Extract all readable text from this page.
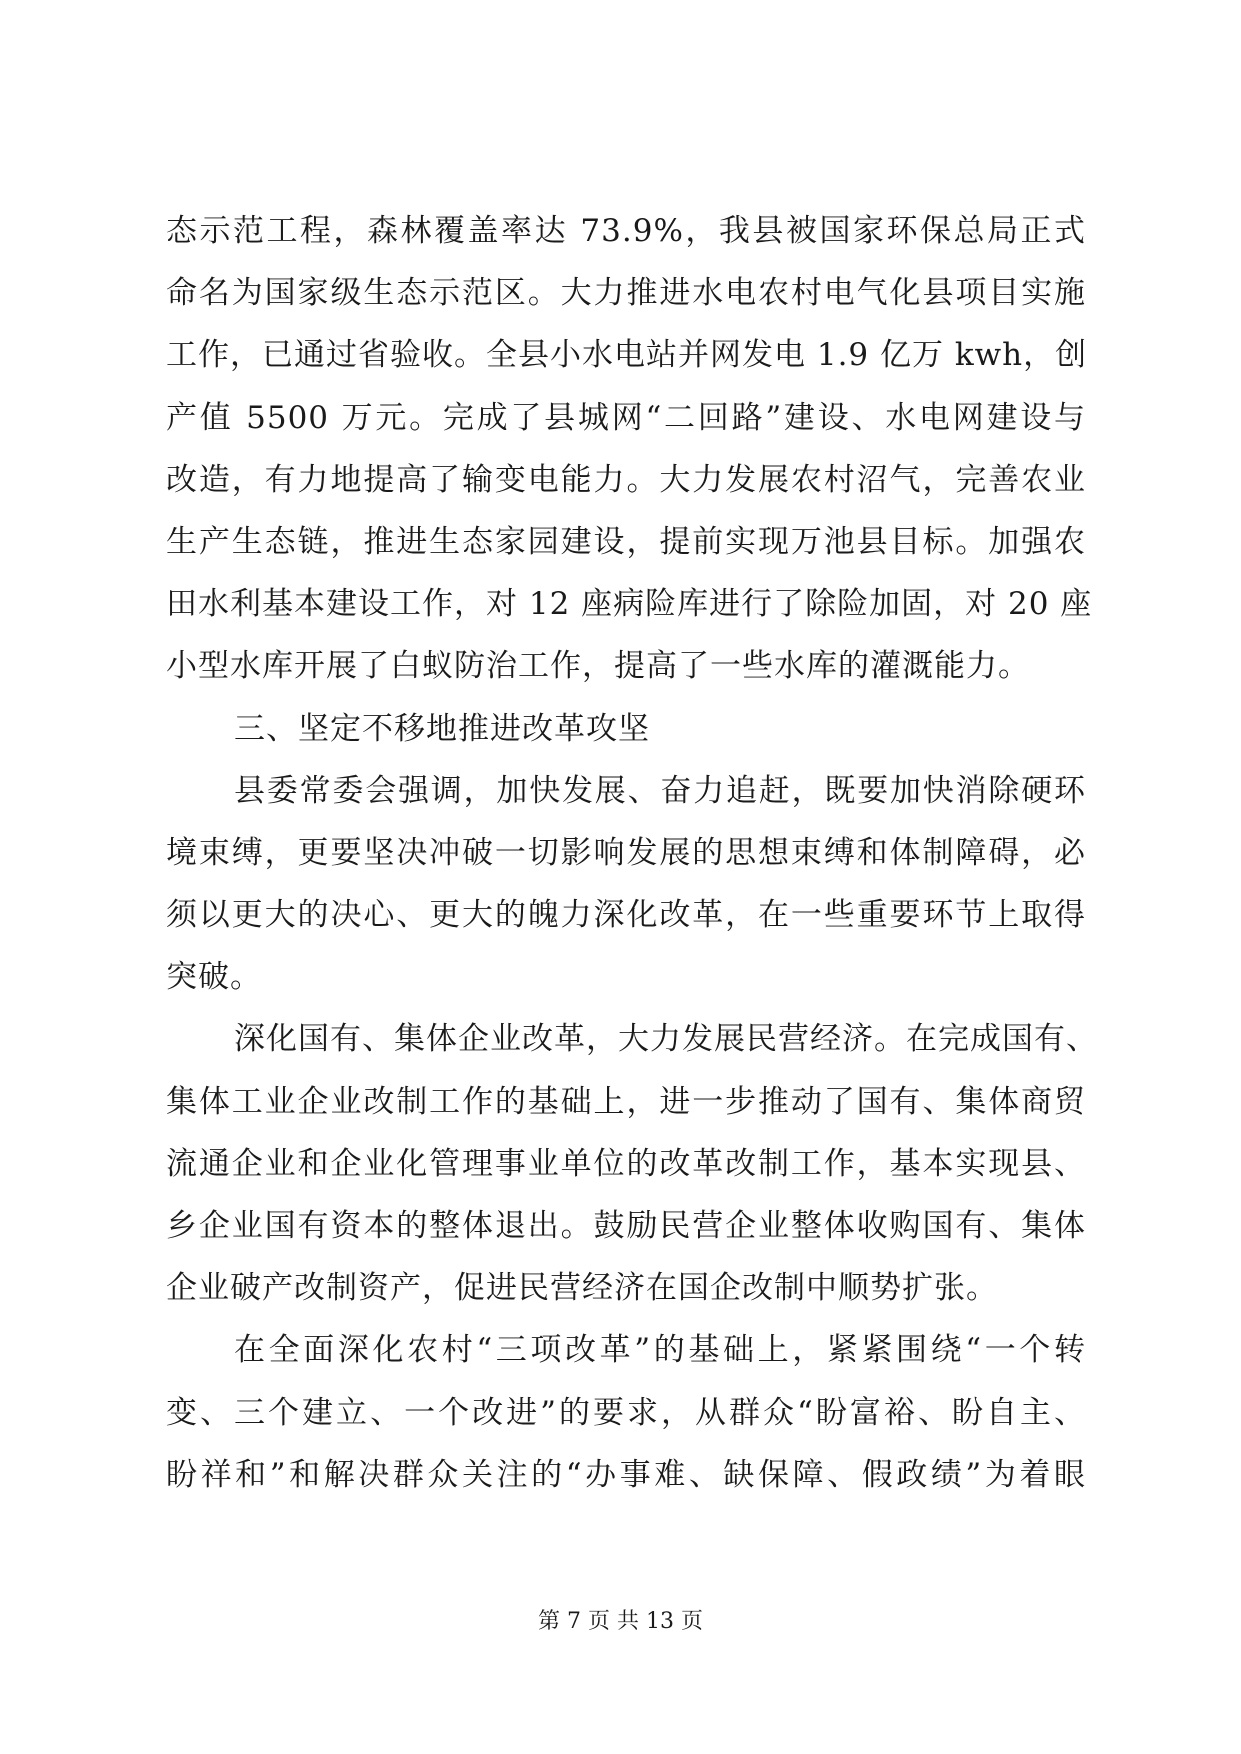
态示范工程，森林覆盖率达 73.9%，我县被国家环保总局正式
命名为国家级生态示范区。大力推进水电农村电气化县项目实施
工作，已通过省验收。全县小水电站并网发电 1.9 亿万 kwh，创
产值 5500 万元。完成了县城网“二回路”建设、水电网建设与
改造，有力地提高了输变电能力。大力发展农村沼气，完善农业
生产生态链，推进生态家园建设，提前实现万池县目标。加强农
田水利基本建设工作，对 12 座病险库进行了除险加固，对 20 座
小型水库开展了白蚁防治工作，提高了一些水库的灌溉能力。
三、坚定不移地推进改革攻坚
县委常委会强调，加快发展、奋力追赶，既要加快消除硬环
境束缚，更要坚决冲破一切影响发展的思想束缚和体制障碍，必
须以更大的决心、更大的魄力深化改革，在一些重要环节上取得
突破。
深化国有、集体企业改革，大力发展民营经济。在完成国有、
集体工业企业改制工作的基础上，进一步推动了国有、集体商贸
流通企业和企业化管理事业单位的改革改制工作，基本实现县、
乡企业国有资本的整体退出。鼓励民营企业整体收购国有、集体
企业破产改制资产，促进民营经济在国企改制中顺势扩张。
在全面深化农村“三项改革”的基础上，紧紧围绕“一个转
变、三个建立、一个改进”的要求，从群众“盼富裕、盼自主、
盼祥和”和解决群众关注的“办事难、缺保障、假政绩”为着眼
第 7 页 共 13 页
